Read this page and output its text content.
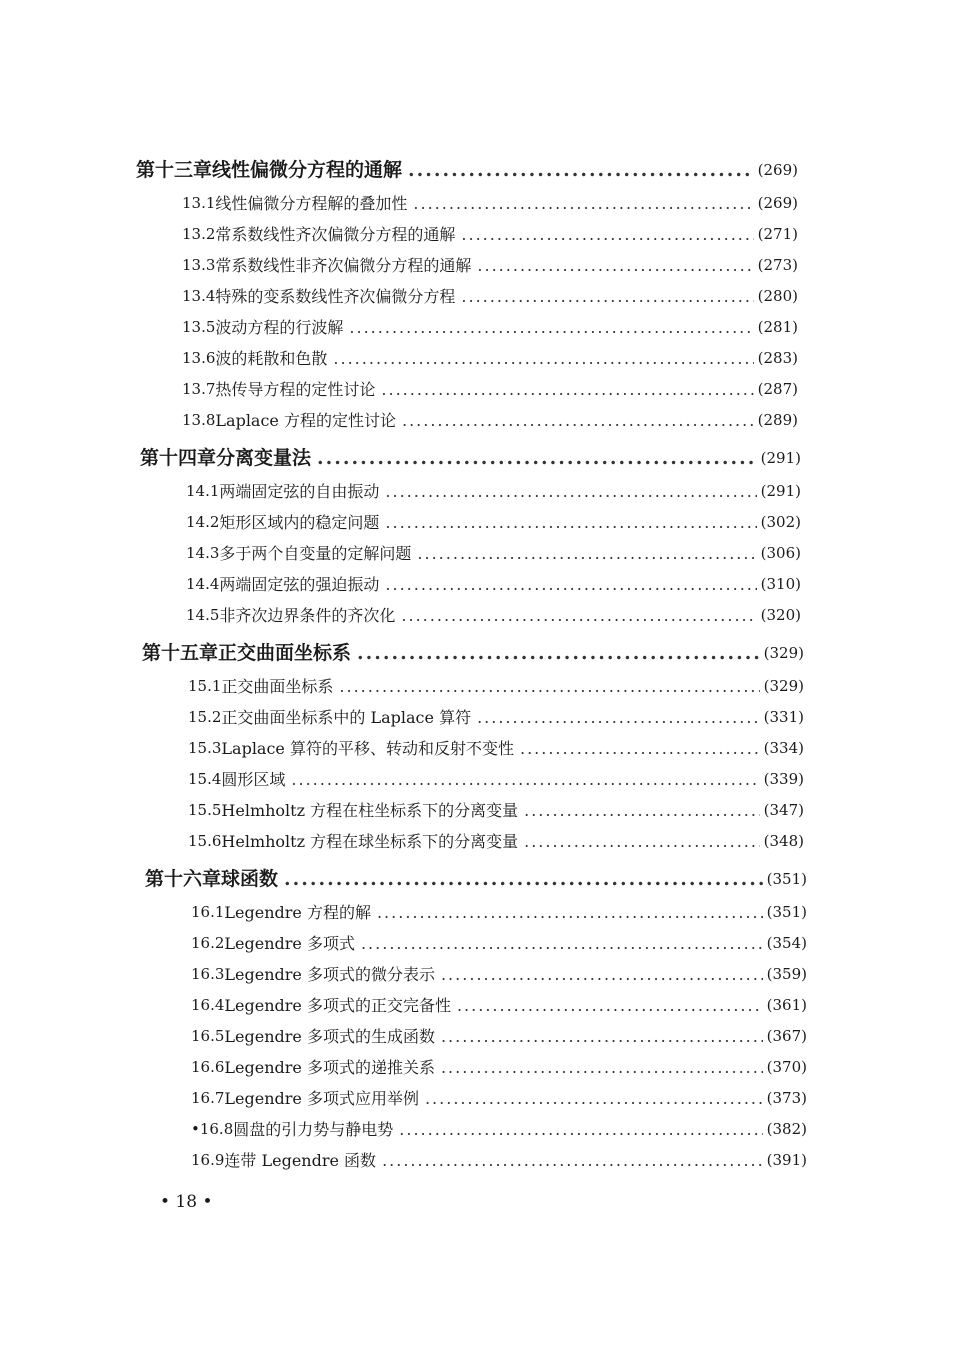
第十三章 线性偏微分方程的通解 .....	(269)
13.1 线性偏微分方程解的叠加性 .....	(269)
13.2 常系数线性齐次偏微分方程的通解 .....	(271)
13.3 常系数线性非齐次偏微分方程的通解 .....	(273)
13.4 特殊的变系数线性齐次偏微分方程 .....	(280)
13.5 波动方程的行波解 .....	(281)
13.6 波的耗散和色散 .....	(283)
13.7 热传导方程的定性讨论 .....	(287)
13.8 Laplace 方程的定性讨论 .....	(289)
第十四章 分离变量法 .....	(291)
14.1 两端固定弦的自由振动 .....	(291)
14.2 矩形区域内的稳定问题 .....	(302)
14.3 多于两个自变量的定解问题 .....	(306)
14.4 两端固定弦的强迫振动 .....	(310)
14.5 非齐次边界条件的齐次化 .....	(320)
第十五章 正交曲面坐标系 .....	(329)
15.1 正交曲面坐标系 .....	(329)
15.2 正交曲面坐标系中的 Laplace 算符 .....	(331)
15.3 Laplace 算符的平移、转动和反射不变性 .....	(334)
15.4 圆形区域 .....	(339)
15.5 Helmholtz 方程在柱坐标系下的分离变量 .....	(347)
15.6 Helmholtz 方程在球坐标系下的分离变量 .....	(348)
第十六章 球函数 .....	(351)
16.1 Legendre 方程的解 .....	(351)
16.2 Legendre 多项式 .....	(354)
16.3 Legendre 多项式的微分表示 .....	(359)
16.4 Legendre 多项式的正交完备性 .....	(361)
16.5 Legendre 多项式的生成函数 .....	(367)
16.6 Legendre 多项式的递推关系 .....	(370)
16.7 Legendre 多项式应用举例 .....	(373)
•16.8 圆盘的引力势与静电势 .....	(382)
16.9 连带 Legendre 函数 .....	(391)
• 18 •
